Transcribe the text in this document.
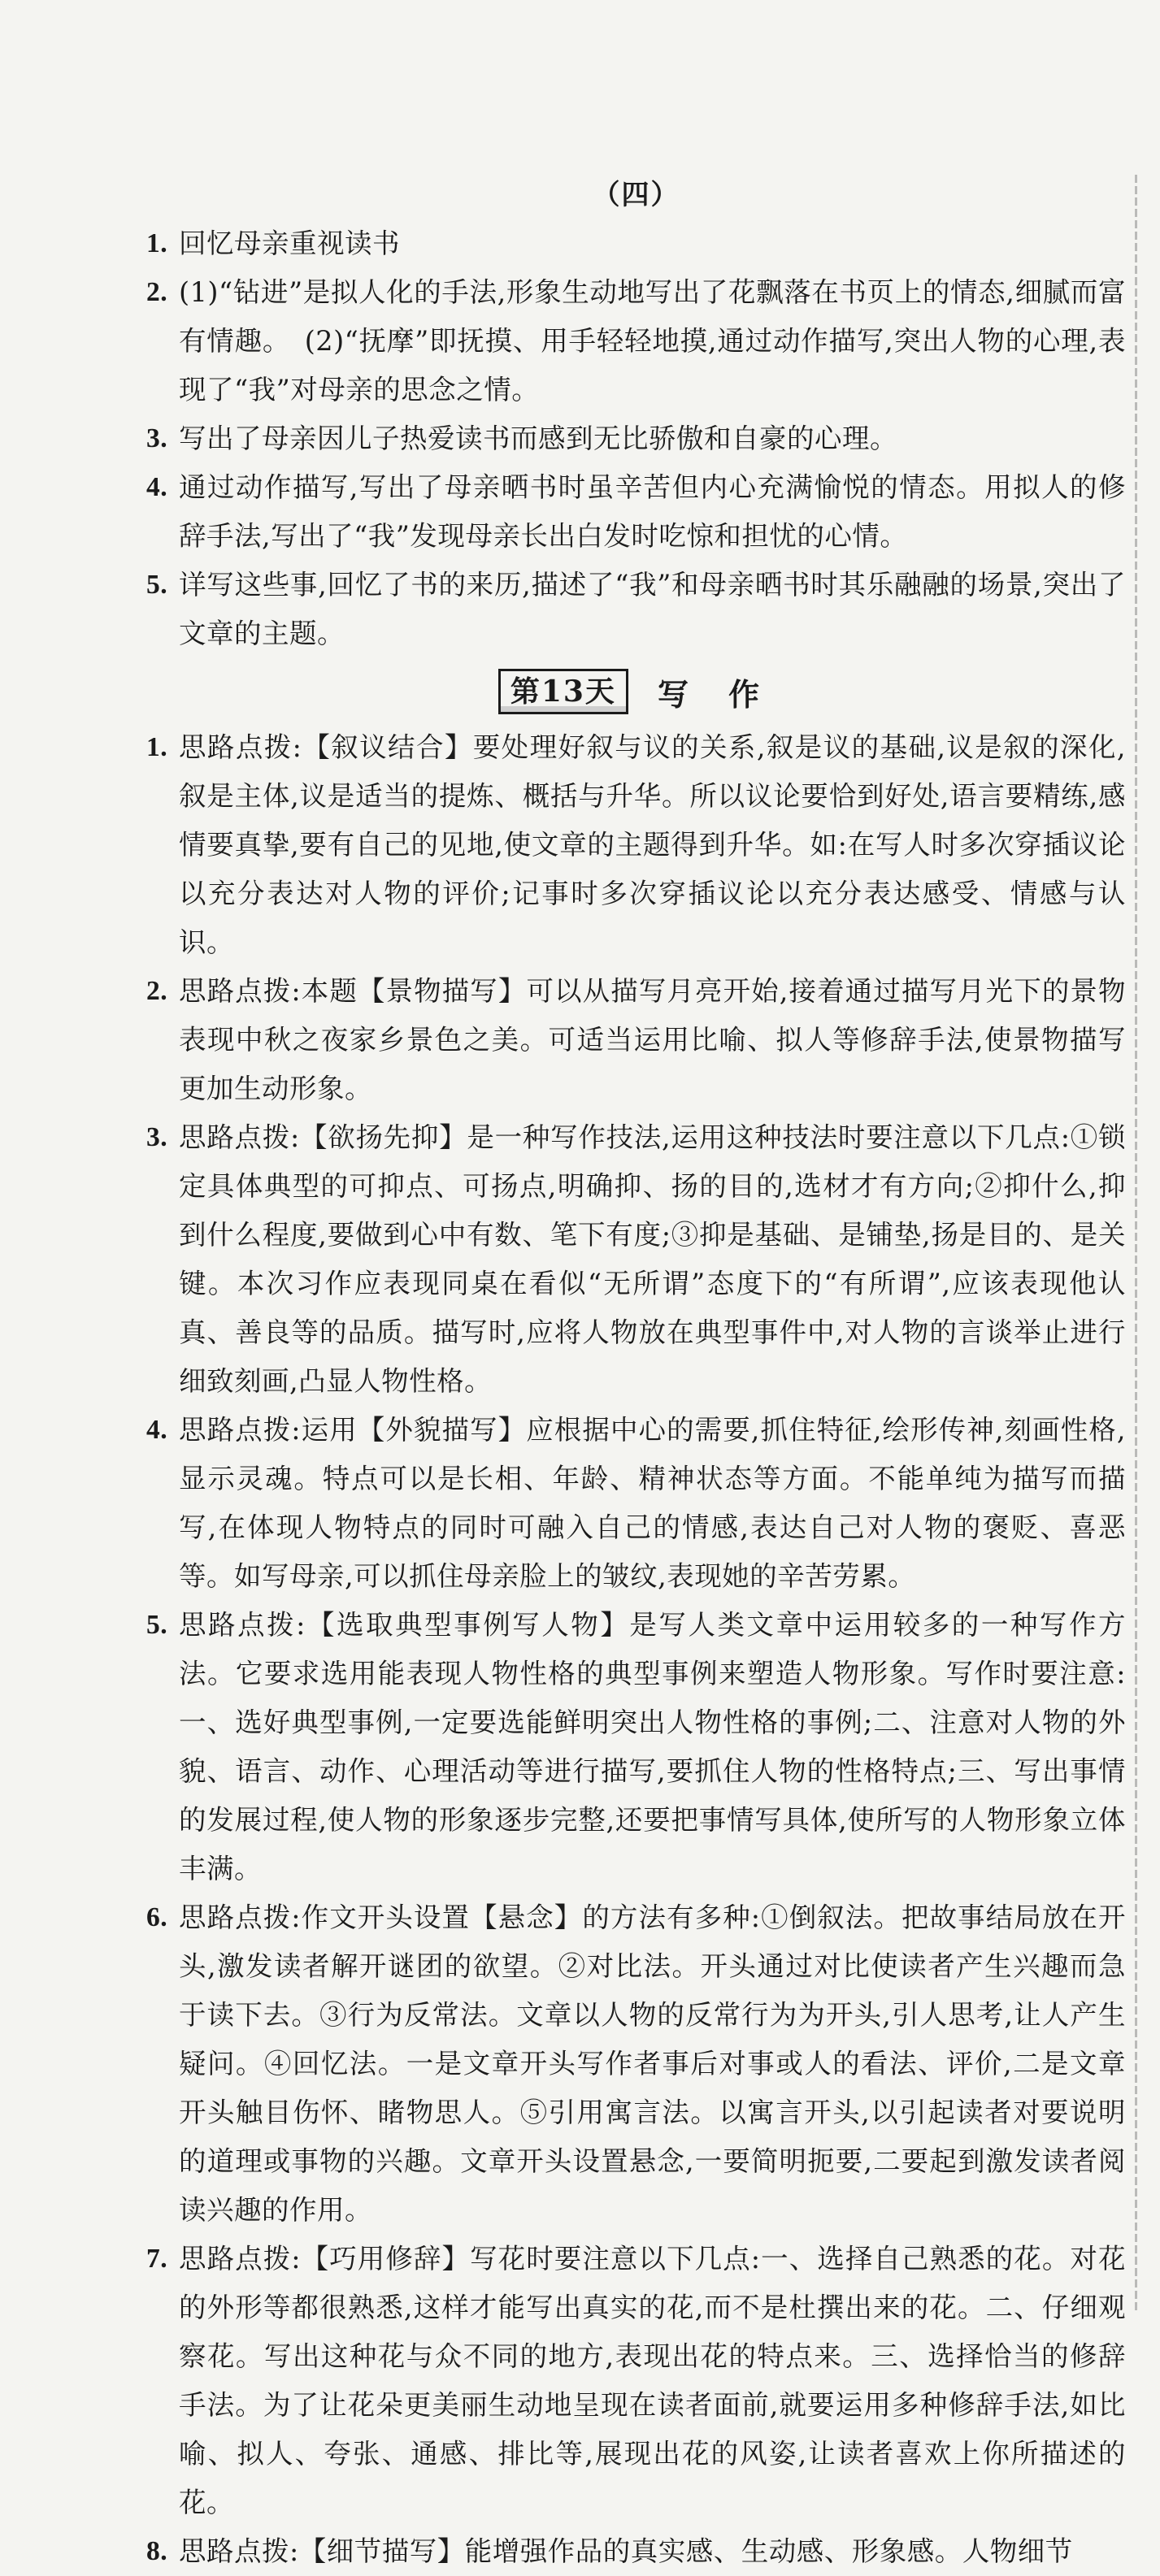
（四）
1. 回忆母亲重视读书
2. (1)“钻进”是拟人化的手法,形象生动地写出了花飘落在书页上的情态,细腻而富有情趣。　(2)“抚摩”即抚摸、用手轻轻地摸,通过动作描写,突出人物的心理,表现了“我”对母亲的思念之情。
3. 写出了母亲因儿子热爱读书而感到无比骄傲和自豪的心理。
4. 通过动作描写,写出了母亲晒书时虽辛苦但内心充满愉悦的情态。用拟人的修辞手法,写出了“我”发现母亲长出白发时吃惊和担忧的心情。
5. 详写这些事,回忆了书的来历,描述了“我”和母亲晒书时其乐融融的场景,突出了文章的主题。
第13天	写 作
1. 思路点拨:【叙议结合】要处理好叙与议的关系,叙是议的基础,议是叙的深化,叙是主体,议是适当的提炼、概括与升华。所以议论要恰到好处,语言要精练,感情要真挚,要有自己的见地,使文章的主题得到升华。如:在写人时多次穿插议论以充分表达对人物的评价;记事时多次穿插议论以充分表达感受、情感与认识。
2. 思路点拨:本题【景物描写】可以从描写月亮开始,接着通过描写月光下的景物表现中秋之夜家乡景色之美。可适当运用比喻、拟人等修辞手法,使景物描写更加生动形象。
3. 思路点拨:【欲扬先抑】是一种写作技法,运用这种技法时要注意以下几点:①锁定具体典型的可抑点、可扬点,明确抑、扬的目的,选材才有方向;②抑什么,抑到什么程度,要做到心中有数、笔下有度;③抑是基础、是铺垫,扬是目的、是关键。本次习作应表现同桌在看似“无所谓”态度下的“有所谓”,应该表现他认真、善良等的品质。描写时,应将人物放在典型事件中,对人物的言谈举止进行细致刻画,凸显人物性格。
4. 思路点拨:运用【外貌描写】应根据中心的需要,抓住特征,绘形传神,刻画性格,显示灵魂。特点可以是长相、年龄、精神状态等方面。不能单纯为描写而描写,在体现人物特点的同时可融入自己的情感,表达自己对人物的褒贬、喜恶等。如写母亲,可以抓住母亲脸上的皱纹,表现她的辛苦劳累。
5. 思路点拨:【选取典型事例写人物】是写人类文章中运用较多的一种写作方法。它要求选用能表现人物性格的典型事例来塑造人物形象。写作时要注意:一、选好典型事例,一定要选能鲜明突出人物性格的事例;二、注意对人物的外貌、语言、动作、心理活动等进行描写,要抓住人物的性格特点;三、写出事情的发展过程,使人物的形象逐步完整,还要把事情写具体,使所写的人物形象立体丰满。
6. 思路点拨:作文开头设置【悬念】的方法有多种:①倒叙法。把故事结局放在开头,激发读者解开谜团的欲望。②对比法。开头通过对比使读者产生兴趣而急于读下去。③行为反常法。文章以人物的反常行为为开头,引人思考,让人产生疑问。④回忆法。一是文章开头写作者事后对事或人的看法、评价,二是文章开头触目伤怀、睹物思人。⑤引用寓言法。以寓言开头,以引起读者对要说明的道理或事物的兴趣。文章开头设置悬念,一要简明扼要,二要起到激发读者阅读兴趣的作用。
7. 思路点拨:【巧用修辞】写花时要注意以下几点:一、选择自己熟悉的花。对花的外形等都很熟悉,这样才能写出真实的花,而不是杜撰出来的花。二、仔细观察花。写出这种花与众不同的地方,表现出花的特点来。三、选择恰当的修辞手法。为了让花朵更美丽生动地呈现在读者面前,就要运用多种修辞手法,如比喻、拟人、夸张、通感、排比等,展现出花的风姿,让读者喜欢上你所描述的花。
8. 思路点拨:【细节描写】能增强作品的真实感、生动感、形象感。人物细节
